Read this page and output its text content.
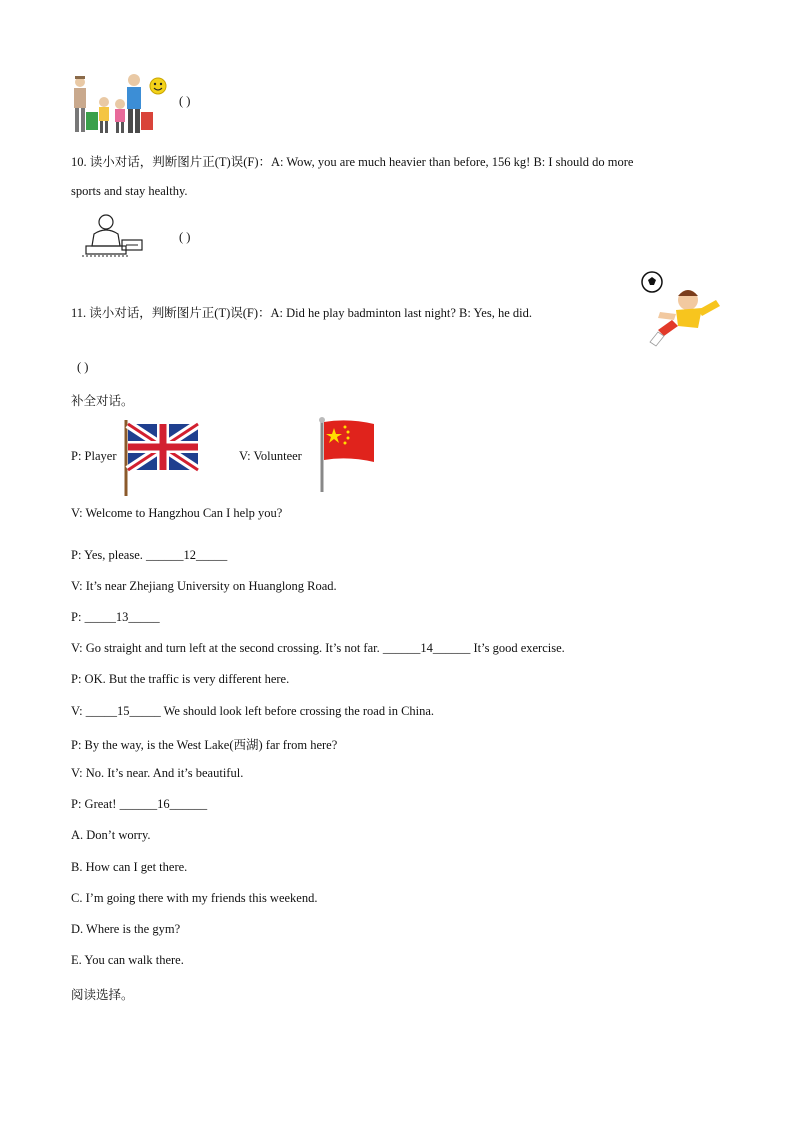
( )
10. 读小对话，判断图片正(T)误(F)：A: Wow, you are much heavier than before, 156 kg! B: I should do more
sports and stay healthy.
( )
11. 读小对话，判断图片正(T)误(F)：A: Did he play badminton last night? B: Yes, he did.
( )
补全对话。
P: Player	V: Volunteer
V: Welcome to Hangzhou Can I help you?
P: Yes, please. ______12_____
V: It’s near Zhejiang University on Huanglong Road.
P: _____13_____
V: Go straight and turn left at the second crossing. It’s not far. ______14______ It’s good exercise.
P: OK. But the traffic is very different here.
V: _____15_____ We should look left before crossing the road in China.
P: By the way, is the West Lake(西湖) far from here?
V: No. It’s near. And it’s beautiful.
P: Great! ______16______
A. Don’t worry.
B. How can I get there.
C. I’m going there with my friends this weekend.
D. Where is the gym?
E. You can walk there.
阅读选择。
